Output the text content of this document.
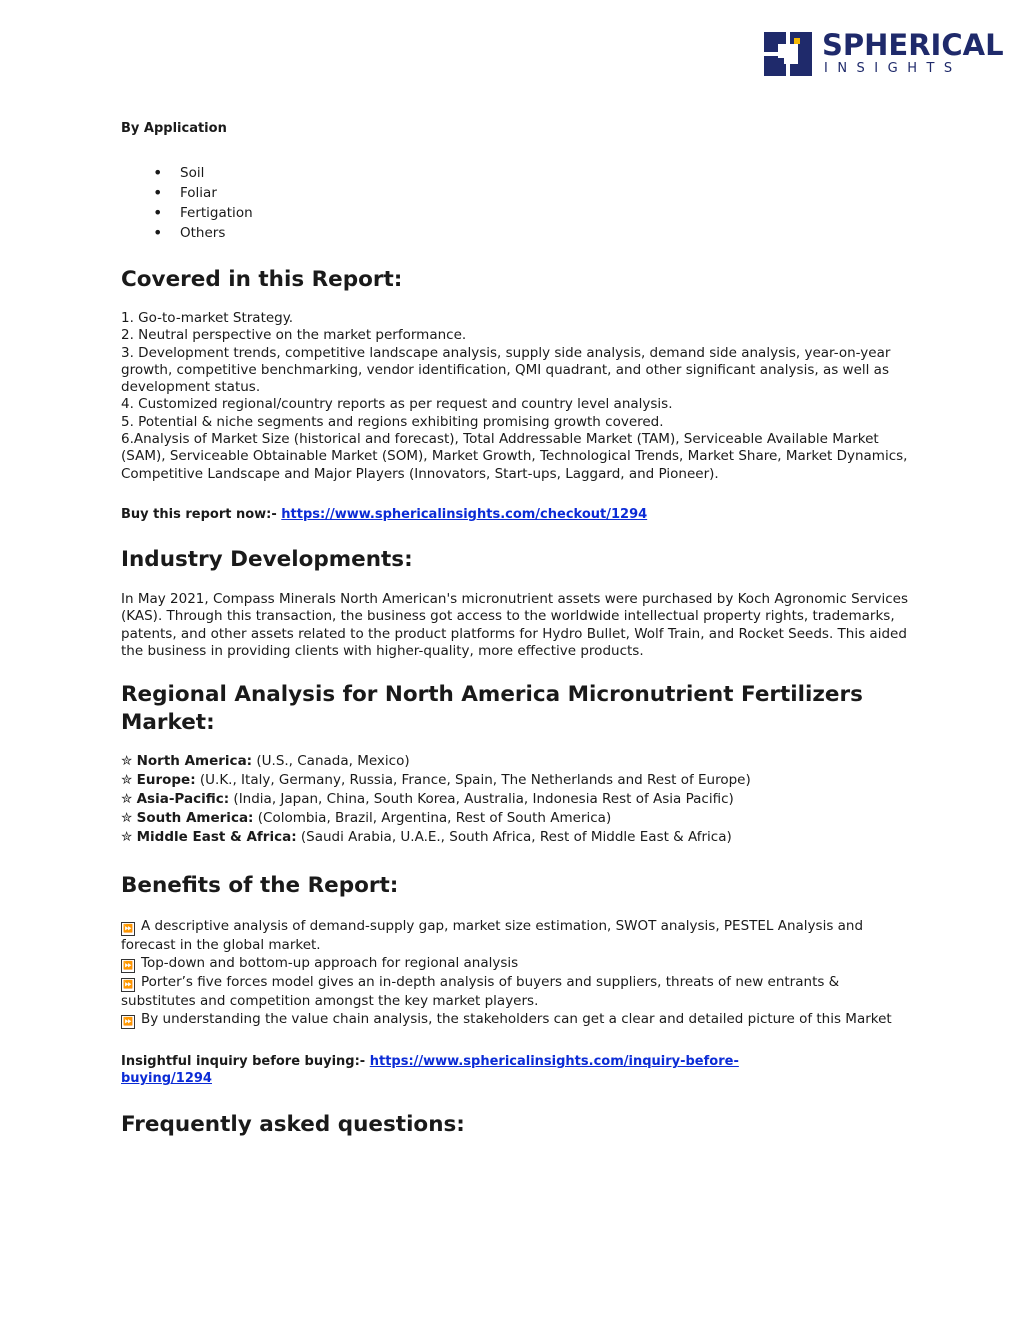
SPHERICAL
INSIGHTS

By Application

• Soil
• Foliar
• Fertigation
• Others
Covered in this Report:

1. Go-to-market Strategy.

2. Neutral perspective on the market performance.

3. Development trends, competitive landscape analysis, supply side analysis, demand side analysis, year-on-year growth, competitive benchmarking, vendor identification, QMI quadrant, and other significant analysis, as well as development status.

4. Customized regional/country reports as per request and country level analysis.

5. Potential & niche segments and regions exhibiting promising growth covered.

6.Analysis of Market Size (historical and forecast), Total Addressable Market (TAM), Serviceable Available Market (SAM), Serviceable Obtainable Market (SOM), Market Growth, Technological Trends, Market Share, Market Dynamics, Competitive Landscape and Major Players (Innovators, Start-ups, Laggard, and Pioneer).

Buy this report now:- https://www.sphericalinsights.com/checkout/1294

Industry Developments:

In May 2021, Compass Minerals North American's micronutrient assets were purchased by Koch Agronomic Services (KAS). Through this transaction, the business got access to the worldwide intellectual property rights, trademarks, patents, and other assets related to the product platforms for Hydro Bullet, Wolf Train, and Rocket Seeds. This aided the business in providing clients with higher-quality, more effective products.

Regional Analysis for North America Micronutrient Fertilizers Market:
✮ North America: (U.S., Canada, Mexico)
✮ Europe: (U.K., Italy, Germany, Russia, France, Spain, The Netherlands and Rest of Europe)
✮ Asia-Pacific: (India, Japan, China, South Korea, Australia, Indonesia Rest of Asia Pacific)
✮ South America: (Colombia, Brazil, Argentina, Rest of South America)
✮ Middle East & Africa: (Saudi Arabia, U.A.E., South Africa, Rest of Middle East & Africa)
Benefits of the Report:
⏩ A descriptive analysis of demand-supply gap, market size estimation, SWOT analysis, PESTEL Analysis and forecast in the global market.
⏩ Top-down and bottom-up approach for regional analysis
⏩ Porter’s five forces model gives an in-depth analysis of buyers and suppliers, threats of new entrants & substitutes and competition amongst the key market players.
⏩ By understanding the value chain analysis, the stakeholders can get a clear and detailed picture of this Market

Insightful inquiry before buying:- https://www.sphericalinsights.com/inquiry-before-buying/1294

Frequently asked questions:
